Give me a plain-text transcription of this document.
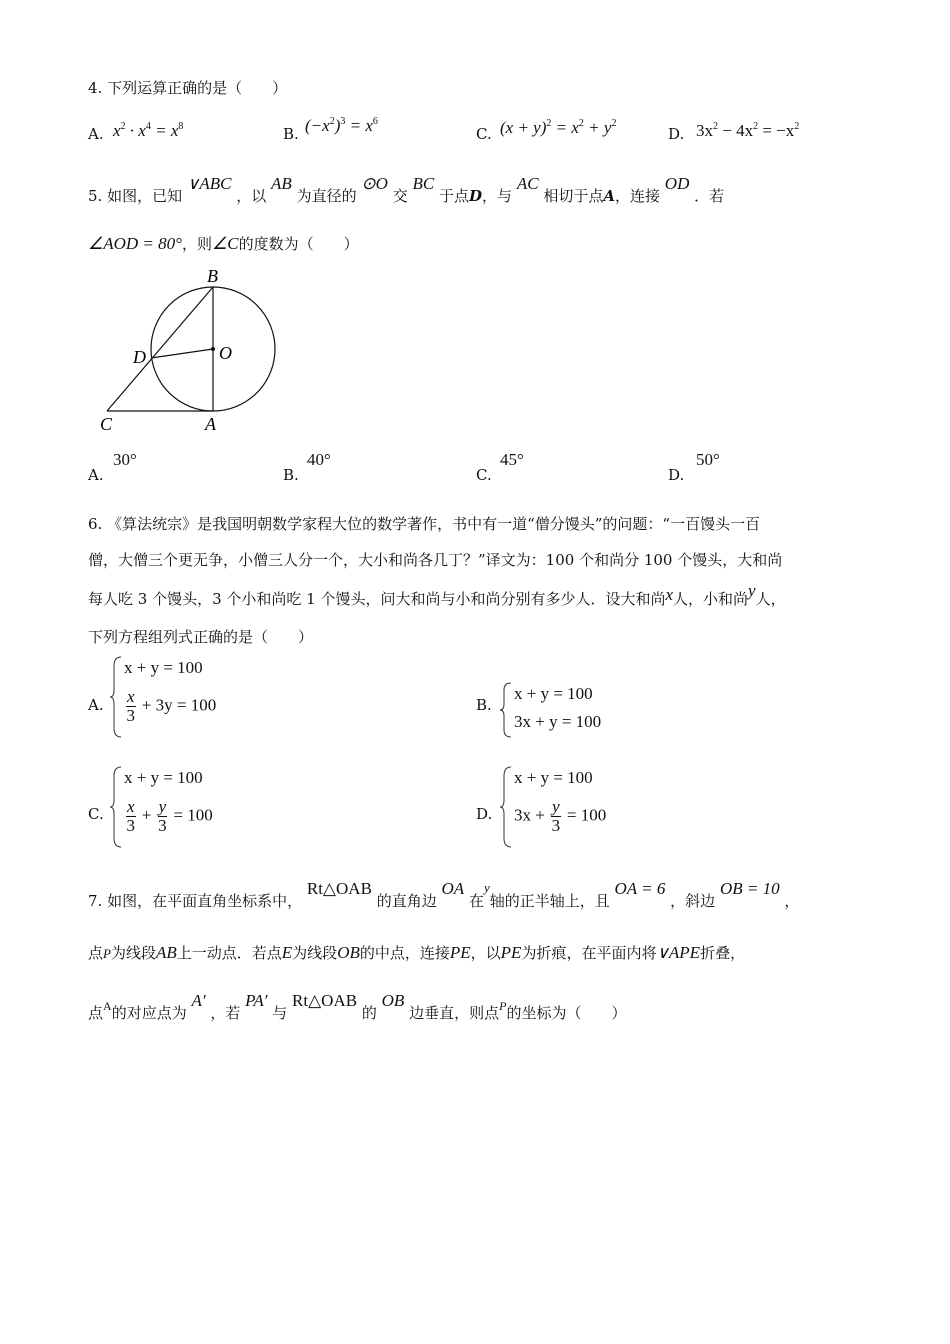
4. 下列运算正确的是（　　）
A. $x^2 \cdot x^4 = x^8$	B. $(-x^2)^3 = x^6$
C. $(x + y)^2 = x^2 + y^2$
D. $3x^2 - 4x^2 = -x^2$
5. 如图，已知 ∨ABC ，以 AB 为直径的 ⊙O 交 BC 于点D，与 AC 相切于点A，连接 OD ．若
∠AOD = 80°，则∠C的度数为（　　）
B
D	O
C	A
A.
30°
B.
40°
C.
45°
D.
50°
6. 《算法统宗》是我国明朝数学家程大位的数学著作，书中有一道“僧分馒头”的问题：“一百馒头一百
僧，大僧三个更无争，小僧三人分一个，大小和尚各几丁？”译文为：100 个和尚分 100 个馒头，大和尚
每人吃 3 个馒头，3 个小和尚吃 1 个馒头，问大和尚与小和尚分别有多少人．设大和尚x人，小和尚y人，
下列方程组列式正确的是（　　）
A.
x + y = 100
$\frac{x}{3} + 3y = 100$	B.
x + y = 100
3x + y = 100
C.
x + y = 100
$\frac{x}{3} + \frac{y}{3} = 100$	D.
x + y = 100
$3x + \frac{y}{3} = 100$
7. 如图，在平面直角坐标系中， Rt△OAB 的直角边 OA 在y轴的正半轴上，且 OA = 6 ，斜边 OB = 10 ，
点P为线段AB上一动点．若点E为线段OB的中点，连接PE，以PE为折痕，在平面内将∨APE折叠，
点$^A$的对应点为 A′ ，若 PA′ 与 Rt△OAB 的 OB 边垂直，则点$^P$的坐标为（　　）
